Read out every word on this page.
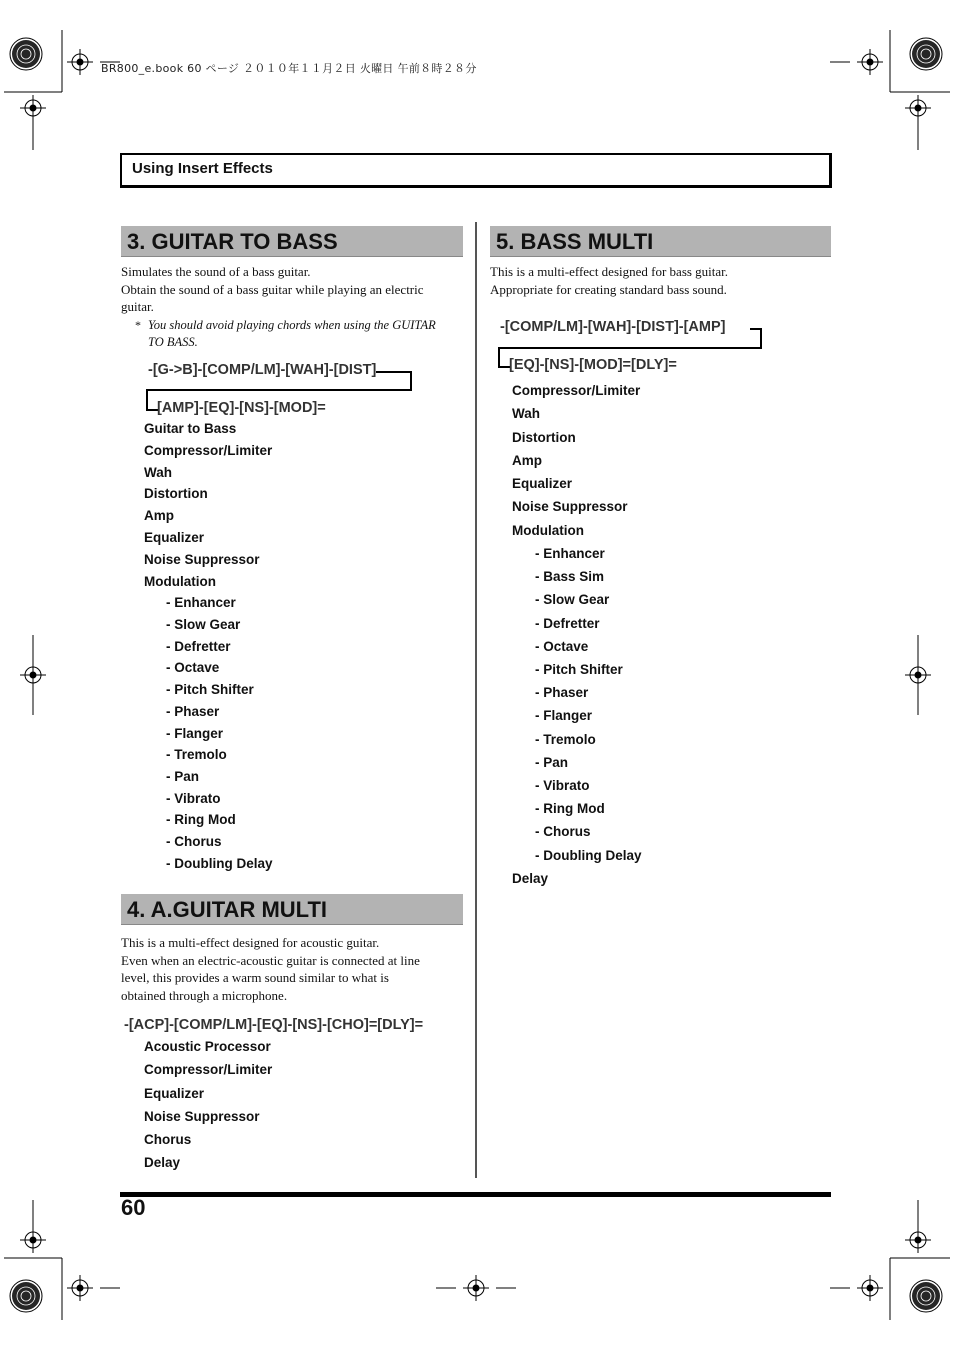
BR800_e.book 60 ページ ２０１０年１１月２日 火曜日 午前８時２８分
Using Insert Effects
3. GUITAR TO BASS
Simulates the sound of a bass guitar.
Obtain the sound of a bass guitar while playing an electric
guitar.
* You should avoid playing chords when using the GUITAR
TO BASS.
-[G->B]-[COMP/LM]-[WAH]-[DIST]
[AMP]-[EQ]-[NS]-[MOD]=
Guitar to Bass
Compressor/Limiter
Wah
Distortion
Amp
Equalizer
Noise Suppressor
Modulation
- Enhancer
- Slow Gear
- Defretter
- Octave
- Pitch Shifter
- Phaser
- Flanger
- Tremolo
- Pan
- Vibrato
- Ring Mod
- Chorus
- Doubling Delay
4. A.GUITAR MULTI
This is a multi-effect designed for acoustic guitar.
Even when an electric-acoustic guitar is connected at line
level, this provides a warm sound similar to what is
obtained through a microphone.
-[ACP]-[COMP/LM]-[EQ]-[NS]-[CHO]=[DLY]=
Acoustic Processor
Compressor/Limiter
Equalizer
Noise Suppressor
Chorus
Delay
5. BASS MULTI
This is a multi-effect designed for bass guitar.
Appropriate for creating standard bass sound.
-[COMP/LM]-[WAH]-[DIST]-[AMP]
[EQ]-[NS]-[MOD]=[DLY]=
Compressor/Limiter
Wah
Distortion
Amp
Equalizer
Noise Suppressor
Modulation
- Enhancer
- Bass Sim
- Slow Gear
- Defretter
- Octave
- Pitch Shifter
- Phaser
- Flanger
- Tremolo
- Pan
- Vibrato
- Ring Mod
- Chorus
- Doubling Delay
Delay
60
